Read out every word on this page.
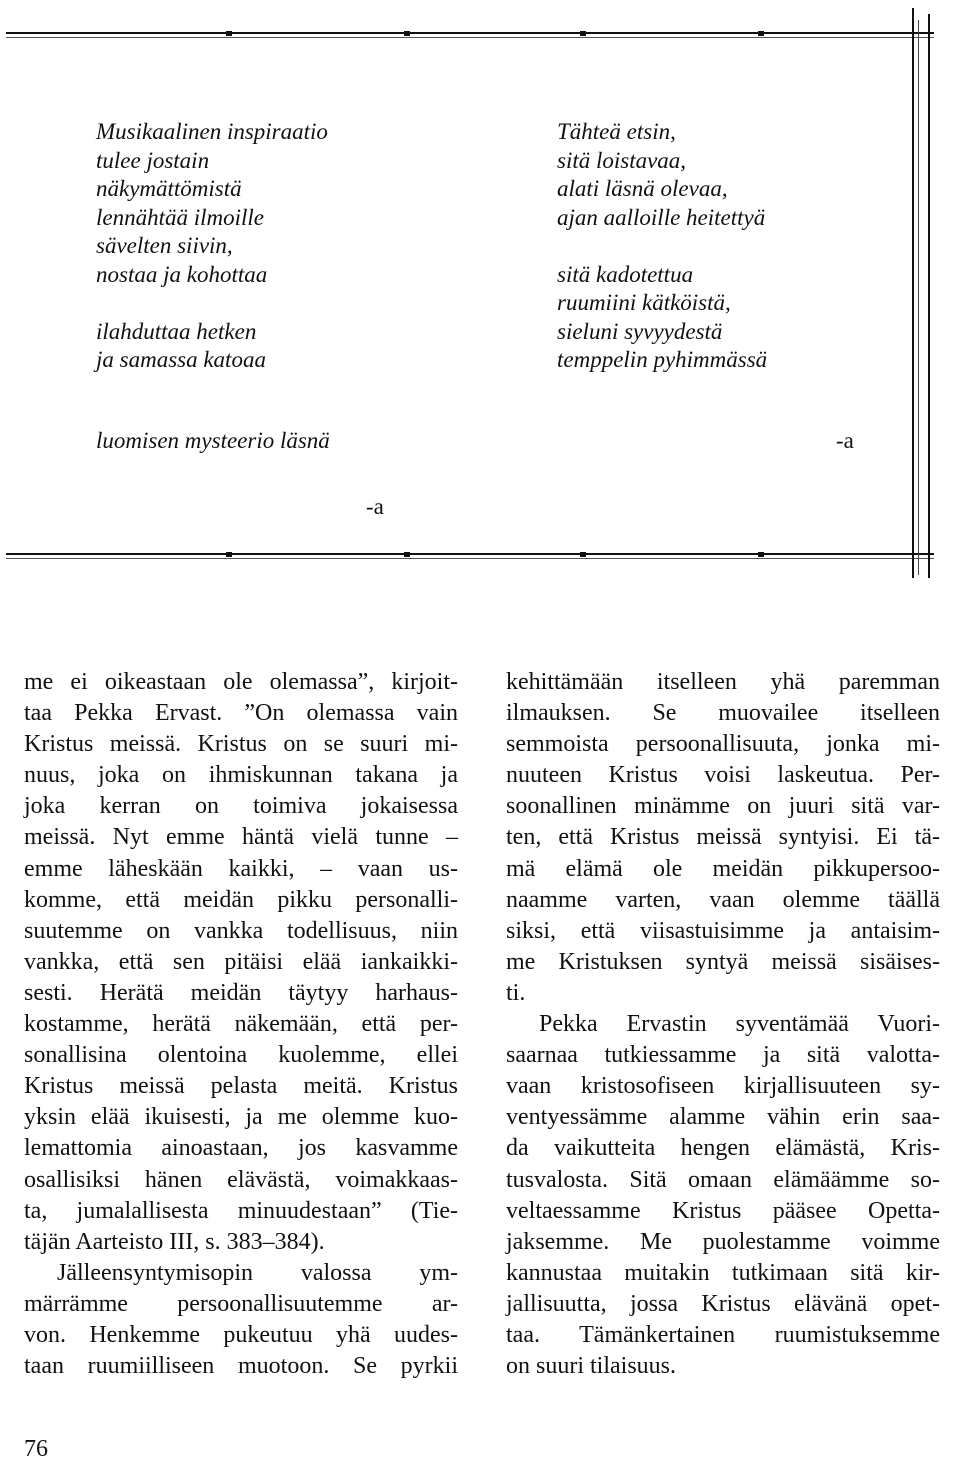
Musikaalinen inspiraatio
tulee jostain
näkymättömistä
lennähtää ilmoille
sävelten siivin,
nostaa ja kohottaa
ilahduttaa hetken
ja samassa katoaa
Tähteä etsin,
sitä loistavaa,
alati läsnä olevaa,
ajan aalloille heitettyä
sitä kadotettua
ruumiini kätköistä,
sieluni syvyydestä
temppelin pyhimmässä
luomisen mysteerio läsnä	-a
-a
me ei oikeastaan ole olemassa”, kirjoit-
taa Pekka Ervast. ”On olemassa vain
Kristus meissä. Kristus on se suuri mi-
nuus, joka on ihmiskunnan takana ja
joka kerran on toimiva jokaisessa
meissä. Nyt emme häntä vielä tunne –
emme läheskään kaikki, – vaan us-
komme, että meidän pikku personalli-
suutemme on vankka todellisuus, niin
vankka, että sen pitäisi elää iankaikki-
sesti. Herätä meidän täytyy harhaus-
kostamme, herätä näkemään, että per-
sonallisina olentoina kuolemme, ellei
Kristus meissä pelasta meitä. Kristus
yksin elää ikuisesti, ja me olemme kuo-
lemattomia ainoastaan, jos kasvamme
osallisiksi hänen elävästä, voimakkaas-
ta, jumalallisesta minuudestaan” (Tie-
täjän Aarteisto III, s. 383–384).
Jälleensyntymisopin valossa ym-
märrämme persoonallisuutemme ar-
von. Henkemme pukeutuu yhä uudes-
taan ruumiilliseen muotoon. Se pyrkii
kehittämään itselleen yhä paremman
ilmauksen. Se muovailee itselleen
semmoista persoonallisuuta, jonka mi-
nuuteen Kristus voisi laskeutua. Per-
soonallinen minämme on juuri sitä var-
ten, että Kristus meissä syntyisi. Ei tä-
mä elämä ole meidän pikkupersoo-
naamme varten, vaan olemme täällä
siksi, että viisastuisimme ja antaisim-
me Kristuksen syntyä meissä sisäises-
ti.
Pekka Ervastin syventämää Vuori-
saarnaa tutkiessamme ja sitä valotta-
vaan kristosofiseen kirjallisuuteen sy-
ventyessämme alamme vähin erin saa-
da vaikutteita hengen elämästä, Kris-
tusvalosta. Sitä omaan elämäämme so-
veltaessamme Kristus pääsee Opetta-
jaksemme. Me puolestamme voimme
kannustaa muitakin tutkimaan sitä kir-
jallisuutta, jossa Kristus elävänä opet-
taa. Tämänkertainen ruumistuksemme
on suuri tilaisuus.
76
